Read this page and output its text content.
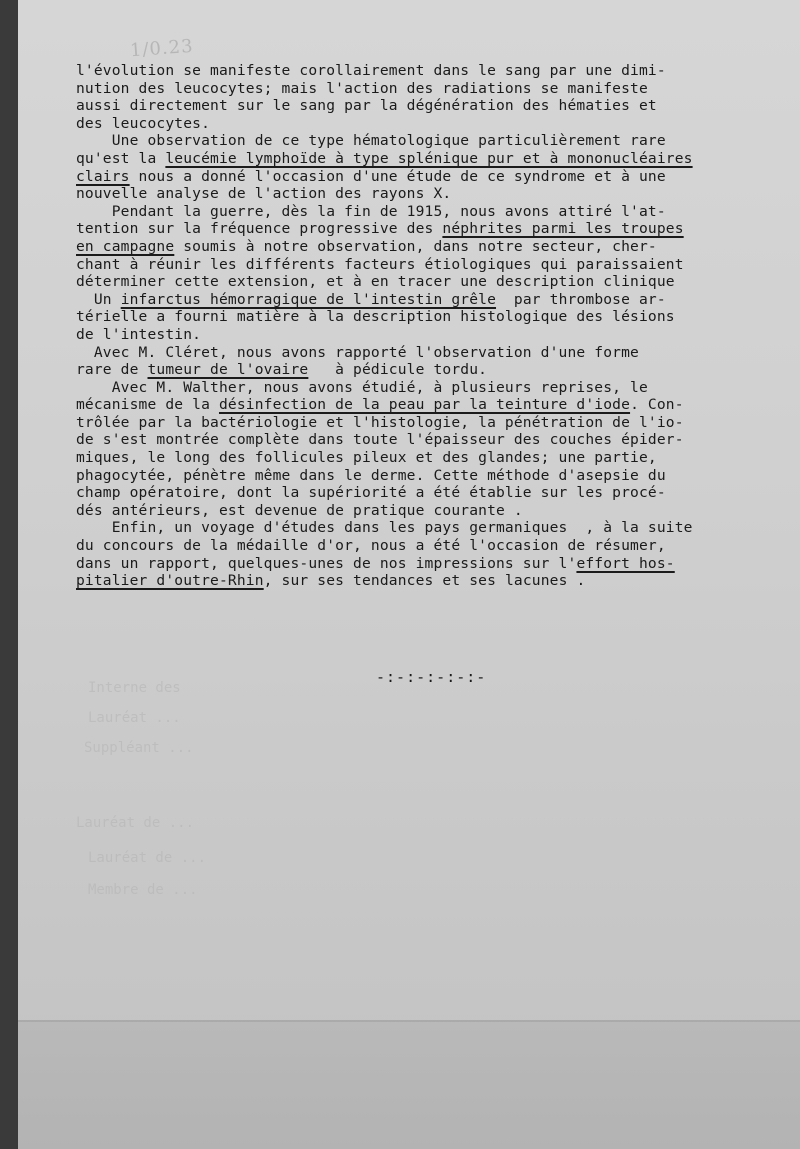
1/0.23
l'évolution se manifeste corollairement dans le sang par une dimi-
nution des leucocytes; mais l'action des radiations se manifeste
aussi directement sur le sang par la dégénération des hématies et
des leucocytes.
Une observation de ce type hématologique particulièrement rare
qu'est la leucémie lymphoïde à type splénique pur et à mononucléaires
clairs nous a donné l'occasion d'une étude de ce syndrome et à une
nouvelle analyse de l'action des rayons X.
Pendant la guerre, dès la fin de 1915, nous avons attiré l'at-
tention sur la fréquence progressive des néphrites parmi les troupes
en campagne soumis à notre observation, dans notre secteur, cher-
chant à réunir les différents facteurs étiologiques qui paraissaient
déterminer cette extension, et à en tracer une description clinique
Un infarctus hémorragique de l'intestin grêle  par thrombose ar-
térielle a fourni matière à la description histologique des lésions
de l'intestin.
Avec M. Cléret, nous avons rapporté l'observation d'une forme
rare de tumeur de l'ovaire   à pédicule tordu.
Avec M. Walther, nous avons étudié, à plusieurs reprises, le
mécanisme de la désinfection de la peau par la teinture d'iode. Con-
trôlée par la bactériologie et l'histologie, la pénétration de l'io-
de s'est montrée complète dans toute l'épaisseur des couches épider-
miques, le long des follicules pileux et des glandes; une partie,
phagocytée, pénètre même dans le derme. Cette méthode d'asepsie du
champ opératoire, dont la supériorité a été établie sur les procé-
dés antérieurs, est devenue de pratique courante .
Enfin, un voyage d'études dans les pays germaniques  , à la suite
du concours de la médaille d'or, nous a été l'occasion de résumer,
dans un rapport, quelques-unes de nos impressions sur l'effort hos-
pitalier d'outre-Rhin, sur ses tendances et ses lacunes .
-:-:-:-:-:-
Interne des
Lauréat ...
Suppléant ...
Lauréat de ...
Lauréat de ...
Membre de ...
